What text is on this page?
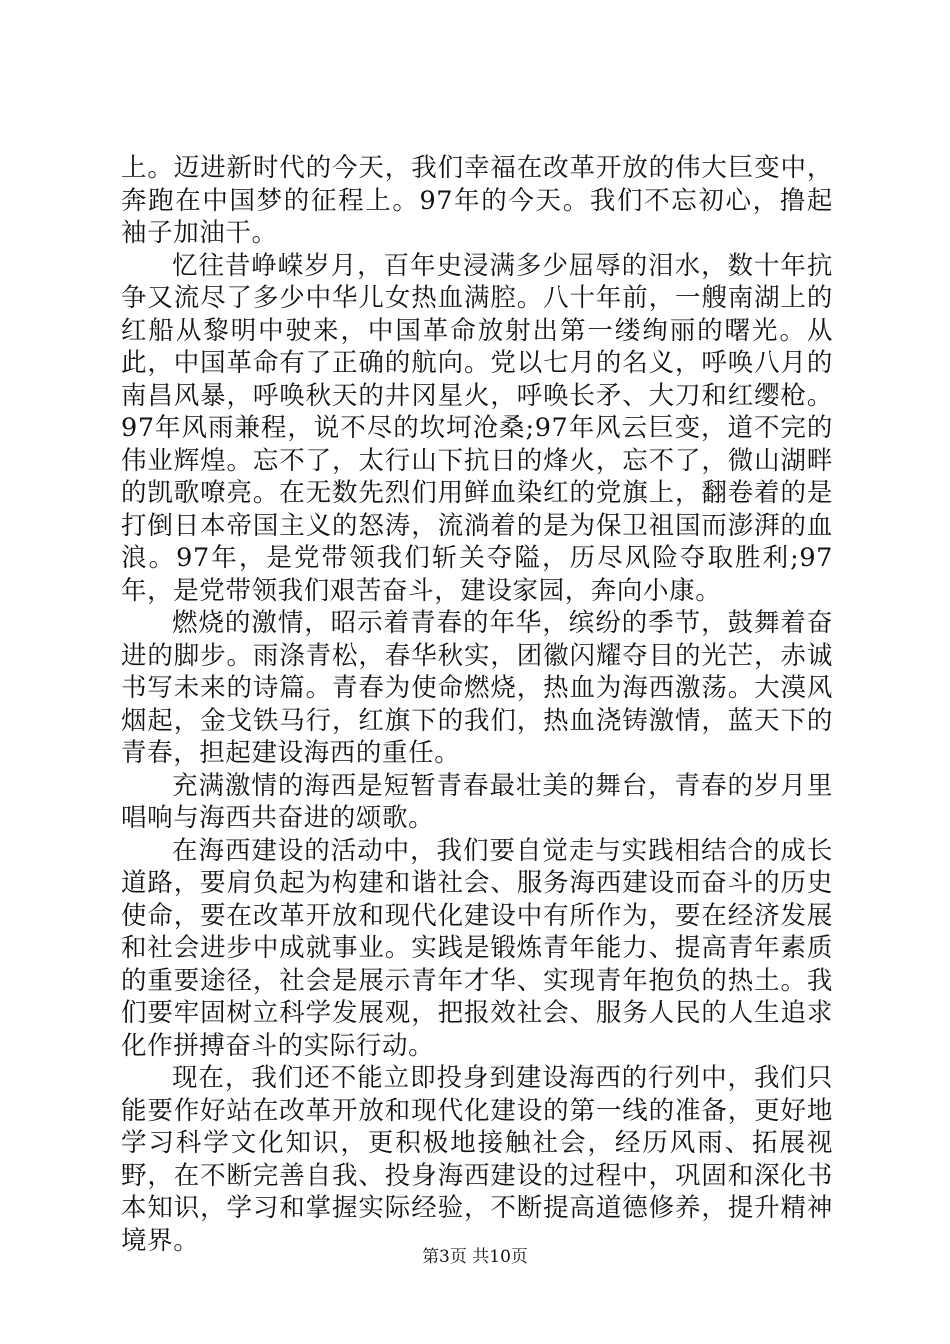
上。迈进新时代的今天，我们幸福在改革开放的伟大巨变中，奔跑在中国梦的征程上。97年的今天。我们不忘初心，撸起袖子加油干。

忆往昔峥嵘岁月，百年史浸满多少屈辱的泪水，数十年抗争又流尽了多少中华儿女热血满腔。八十年前，一艘南湖上的红船从黎明中驶来，中国革命放射出第一缕绚丽的曙光。从此，中国革命有了正确的航向。党以七月的名义，呼唤八月的南昌风暴，呼唤秋天的井冈星火，呼唤长矛、大刀和红缨枪。97年风雨兼程，说不尽的坎坷沧桑;97年风云巨变，道不完的伟业辉煌。忘不了，太行山下抗日的烽火，忘不了，微山湖畔的凯歌嘹亮。在无数先烈们用鲜血染红的党旗上，翻卷着的是打倒日本帝国主义的怒涛，流淌着的是为保卫祖国而澎湃的血浪。97年，是党带领我们斩关夺隘，历尽风险夺取胜利;97年，是党带领我们艰苦奋斗，建设家园，奔向小康。

燃烧的激情，昭示着青春的年华，缤纷的季节，鼓舞着奋进的脚步。雨涤青松，春华秋实，团徽闪耀夺目的光芒，赤诚书写未来的诗篇。青春为使命燃烧，热血为海西激荡。大漠风烟起，金戈铁马行，红旗下的我们，热血浇铸激情，蓝天下的青春，担起建设海西的重任。

充满激情的海西是短暂青春最壮美的舞台，青春的岁月里唱响与海西共奋进的颂歌。

在海西建设的活动中，我们要自觉走与实践相结合的成长道路，要肩负起为构建和谐社会、服务海西建设而奋斗的历史使命，要在改革开放和现代化建设中有所作为，要在经济发展和社会进步中成就事业。实践是锻炼青年能力、提高青年素质的重要途径，社会是展示青年才华、实现青年抱负的热土。我们要牢固树立科学发展观，把报效社会、服务人民的人生追求化作拼搏奋斗的实际行动。

现在，我们还不能立即投身到建设海西的行列中，我们只能要作好站在改革开放和现代化建设的第一线的准备，更好地学习科学文化知识，更积极地接触社会，经历风雨、拓展视野，在不断完善自我、投身海西建设的过程中，巩固和深化书本知识，学习和掌握实际经验，不断提高道德修养，提升精神境界。

第3页 共10页
